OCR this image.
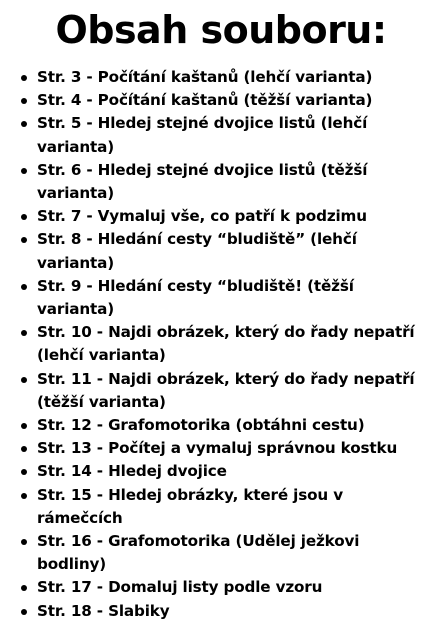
Obsah souboru:
Str. 3 - Počítání kaštanů (lehčí varianta)
Str. 4 - Počítání kaštanů (těžší varianta)
Str. 5 - Hledej stejné dvojice listů (lehčí varianta)
Str. 6 - Hledej stejné dvojice listů (těžší varianta)
Str. 7 - Vymaluj vše, co patří k podzimu
Str. 8 - Hledání cesty “bludiště” (lehčí varianta)
Str. 9 - Hledání cesty “bludiště! (těžší varianta)
Str. 10 - Najdi obrázek, který do řady nepatří (lehčí varianta)
Str. 11 - Najdi obrázek, který do řady nepatří (těžší varianta)
Str. 12 - Grafomotorika (obtáhni cestu)
Str. 13 - Počítej a vymaluj správnou kostku
Str. 14 - Hledej dvojice
Str. 15 - Hledej obrázky, které jsou v rámečcích
Str. 16 - Grafomotorika (Udělej ježkovi bodliny)
Str. 17 - Domaluj listy podle vzoru
Str. 18 - Slabiky
